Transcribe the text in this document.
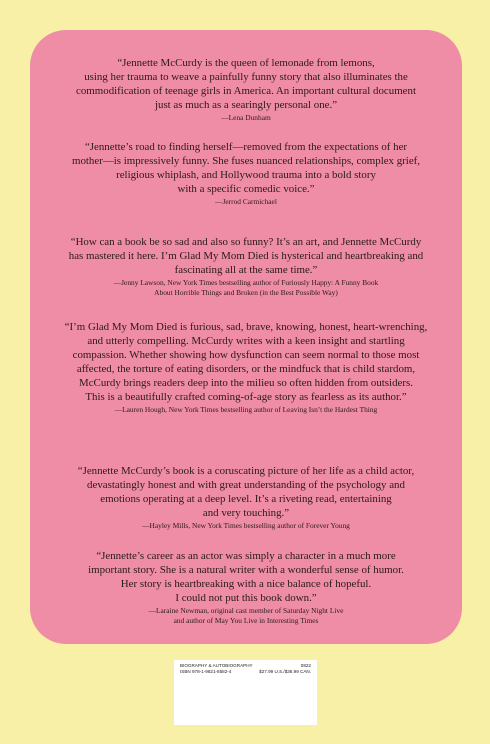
“Jennette McCurdy is the queen of lemonade from lemons,
using her trauma to weave a painfully funny story that also illuminates the
commodification of teenage girls in America. An important cultural document
just as much as a searingly personal one.”

—Lena Dunham

“Jennette’s road to finding herself—removed from the expectations of her
mother—is impressively funny. She fuses nuanced relationships, complex grief,
religious whiplash, and Hollywood trauma into a bold story
with a specific comedic voice.”

—Jerrod Carmichael

“How can a book be so sad and also so funny? It’s an art, and Jennette McCurdy
has mastered it here. I’m Glad My Mom Died is hysterical and heartbreaking and
fascinating all at the same time.”

—Jenny Lawson, New York Times bestselling author of Furiously Happy: A Funny Book

About Horrible Things and Broken (in the Best Possible Way)

“I’m Glad My Mom Died is furious, sad, brave, knowing, honest, heart-wrenching,
and utterly compelling. McCurdy writes with a keen insight and startling
compassion. Whether showing how dysfunction can seem normal to those most
affected, the torture of eating disorders, or the mindfuck that is child stardom,
McCurdy brings readers deep into the milieu so often hidden from outsiders.
This is a beautifully crafted coming-of-age story as fearless as its author.”

—Lauren Hough, New York Times bestselling author of Leaving Isn’t the Hardest Thing

“Jennette McCurdy’s book is a coruscating picture of her life as a child actor,
devastatingly honest and with great understanding of the psychology and
emotions operating at a deep level. It’s a riveting read, entertaining
and very touching.”

—Hayley Mills, New York Times bestselling author of Forever Young

“Jennette’s career as an actor was simply a character in a much more
important story. She is a natural writer with a wonderful sense of humor.
Her story is heartbreaking with a nice balance of hopeful.
I could not put this book down.”

—Laraine Newman, original cast member of Saturday Night Live

and author of May You Live in Interesting Times

BIOGRAPHY & AUTOBIOGRAPHY	0822
ISBN 978-1-9821-8582-4	$27.99 U.S./$36.99 CAN.
